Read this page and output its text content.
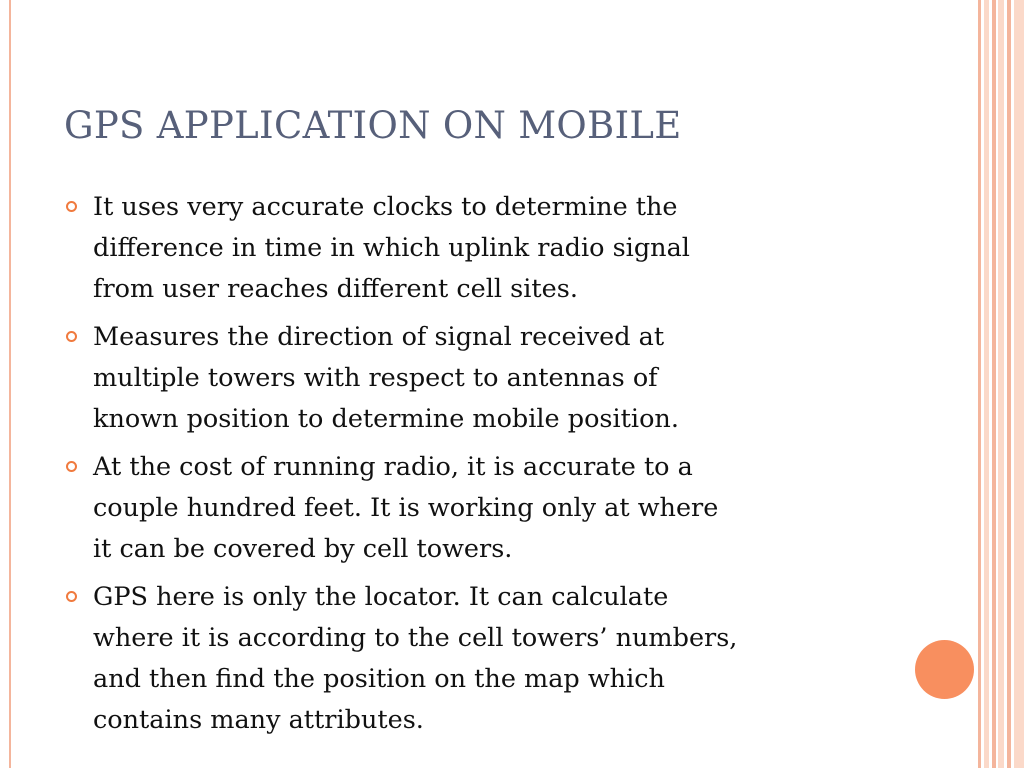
GPS APPLICATION ON MOBILE
It uses very accurate clocks to determine the
difference in time in which uplink radio signal
from user reaches different cell sites.
Measures the direction of signal received at
multiple towers with respect to antennas of
known position to determine mobile position.
At the cost of running radio, it is accurate to a
couple hundred feet. It is working only at where
it can be covered by cell towers.
GPS here is only the locator. It can calculate
where it is according to the cell towers’ numbers,
and then find the position on the map which
contains many attributes.
